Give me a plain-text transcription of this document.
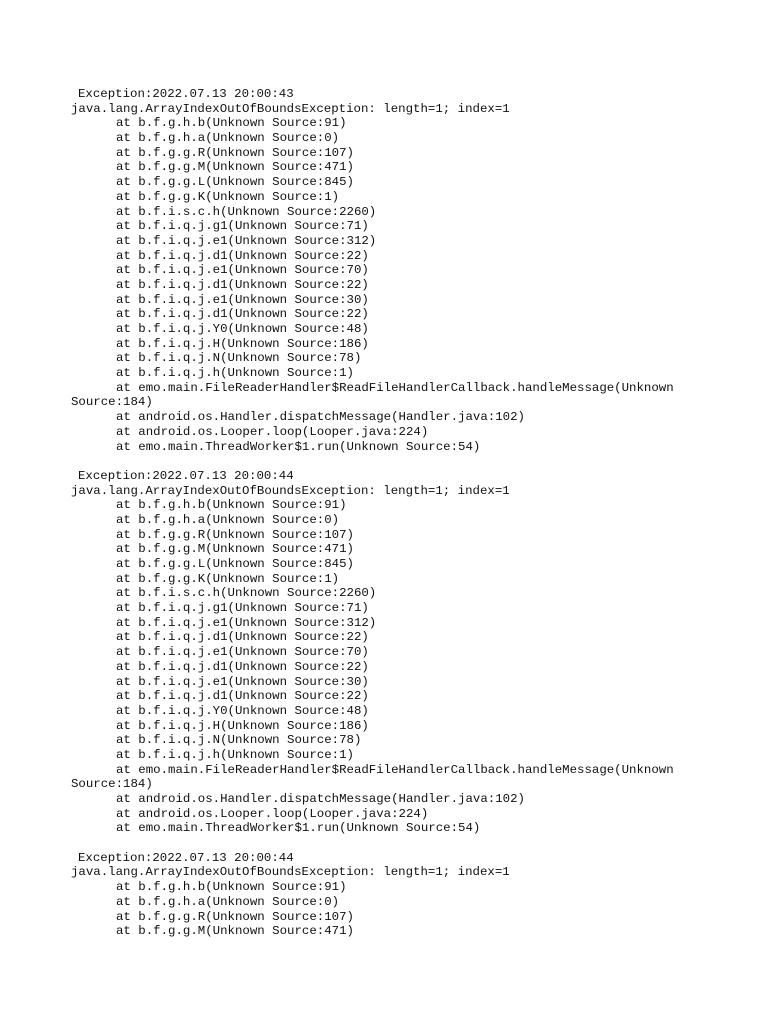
Exception:2022.07.13 20:00:43
java.lang.ArrayIndexOutOfBoundsException: length=1; index=1
at b.f.g.h.b(Unknown Source:91)
at b.f.g.h.a(Unknown Source:0)
at b.f.g.g.R(Unknown Source:107)
at b.f.g.g.M(Unknown Source:471)
at b.f.g.g.L(Unknown Source:845)
at b.f.g.g.K(Unknown Source:1)
at b.f.i.s.c.h(Unknown Source:2260)
at b.f.i.q.j.g1(Unknown Source:71)
at b.f.i.q.j.e1(Unknown Source:312)
at b.f.i.q.j.d1(Unknown Source:22)
at b.f.i.q.j.e1(Unknown Source:70)
at b.f.i.q.j.d1(Unknown Source:22)
at b.f.i.q.j.e1(Unknown Source:30)
at b.f.i.q.j.d1(Unknown Source:22)
at b.f.i.q.j.Y0(Unknown Source:48)
at b.f.i.q.j.H(Unknown Source:186)
at b.f.i.q.j.N(Unknown Source:78)
at b.f.i.q.j.h(Unknown Source:1)
at emo.main.FileReaderHandler$ReadFileHandlerCallback.handleMessage(Unknown
Source:184)
at android.os.Handler.dispatchMessage(Handler.java:102)
at android.os.Looper.loop(Looper.java:224)
at emo.main.ThreadWorker$1.run(Unknown Source:54)
Exception:2022.07.13 20:00:44
java.lang.ArrayIndexOutOfBoundsException: length=1; index=1
at b.f.g.h.b(Unknown Source:91)
at b.f.g.h.a(Unknown Source:0)
at b.f.g.g.R(Unknown Source:107)
at b.f.g.g.M(Unknown Source:471)
at b.f.g.g.L(Unknown Source:845)
at b.f.g.g.K(Unknown Source:1)
at b.f.i.s.c.h(Unknown Source:2260)
at b.f.i.q.j.g1(Unknown Source:71)
at b.f.i.q.j.e1(Unknown Source:312)
at b.f.i.q.j.d1(Unknown Source:22)
at b.f.i.q.j.e1(Unknown Source:70)
at b.f.i.q.j.d1(Unknown Source:22)
at b.f.i.q.j.e1(Unknown Source:30)
at b.f.i.q.j.d1(Unknown Source:22)
at b.f.i.q.j.Y0(Unknown Source:48)
at b.f.i.q.j.H(Unknown Source:186)
at b.f.i.q.j.N(Unknown Source:78)
at b.f.i.q.j.h(Unknown Source:1)
at emo.main.FileReaderHandler$ReadFileHandlerCallback.handleMessage(Unknown
Source:184)
at android.os.Handler.dispatchMessage(Handler.java:102)
at android.os.Looper.loop(Looper.java:224)
at emo.main.ThreadWorker$1.run(Unknown Source:54)
Exception:2022.07.13 20:00:44
java.lang.ArrayIndexOutOfBoundsException: length=1; index=1
at b.f.g.h.b(Unknown Source:91)
at b.f.g.h.a(Unknown Source:0)
at b.f.g.g.R(Unknown Source:107)
at b.f.g.g.M(Unknown Source:471)
